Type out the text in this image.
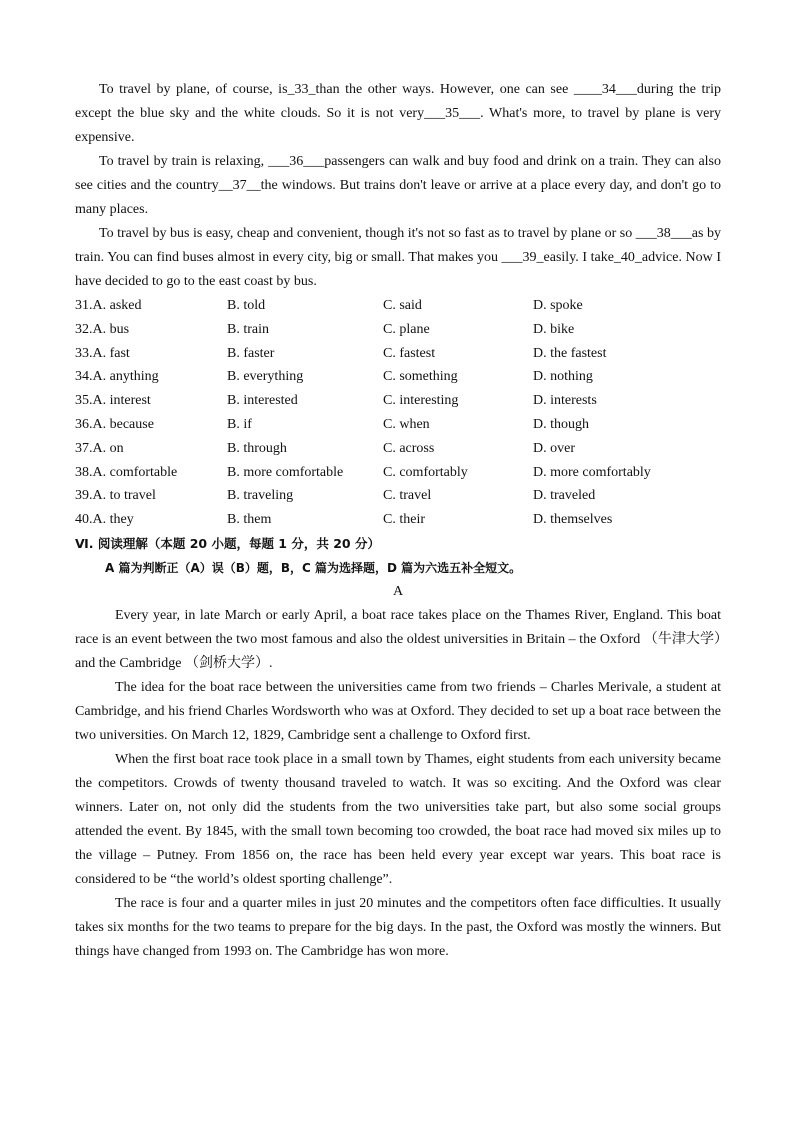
To travel by plane, of course, is_33_than the other ways. However, one can see ____34___during the trip except the blue sky and the white clouds. So it is not very___35___. What's more, to travel by plane is very expensive.

To travel by train is relaxing, ___36___passengers can walk and buy food and drink on a train. They can also see cities and the country__37__the windows. But trains don't leave or arrive at a place every day, and don't go to many places.

To travel by bus is easy, cheap and convenient, though it's not so fast as to travel by plane or so ___38___as by train. You can find buses almost in every city, big or small. That makes you ___39_easily. I take_40_advice. Now I have decided to go to the east coast by bus.

31.A. asked	B. told	C. said	D. spoke
32.A. bus	B. train	C. plane	D. bike
33.A. fast	B. faster	C. fastest	D. the fastest
34.A. anything	B. everything	C. something	D. nothing
35.A. interest	B. interested	C. interesting	D. interests
36.A. because	B. if	C. when	D. though
37.A. on	B. through	C. across	D. over
38.A. comfortable	B. more comfortable	C. comfortably	D. more comfortably
39.A. to travel	B. traveling	C. travel	D. traveled
40.A. they	B. them	C. their	D. themselves
Ⅵ. 阅读理解（本题 20 小题，每题 1 分，共 20 分）
A 篇为判断正（A）误（B）题，B，C 篇为选择题，D 篇为六选五补全短文。
A

Every year, in late March or early April, a boat race takes place on the Thames River, England. This boat race is an event between the two most famous and also the oldest universities in Britain – the Oxford （牛津大学）and the Cambridge （剑桥大学）.

The idea for the boat race between the universities came from two friends – Charles Merivale, a student at Cambridge, and his friend Charles Wordsworth who was at Oxford. They decided to set up a boat race between the two universities. On March 12, 1829, Cambridge sent a challenge to Oxford first.

When the first boat race took place in a small town by Thames, eight students from each university became the competitors. Crowds of twenty thousand traveled to watch. It was so exciting. And the Oxford was clear winners. Later on, not only did the students from the two universities take part, but also some social groups attended the event. By 1845, with the small town becoming too crowded, the boat race had moved six miles up to the village – Putney. From 1856 on, the race has been held every year except war years. This boat race is considered to be “the world’s oldest sporting challenge”.

The race is four and a quarter miles in just 20 minutes and the competitors often face difficulties. It usually takes six months for the two teams to prepare for the big days. In the past, the Oxford was mostly the winners. But things have changed from 1993 on. The Cambridge has won more.
